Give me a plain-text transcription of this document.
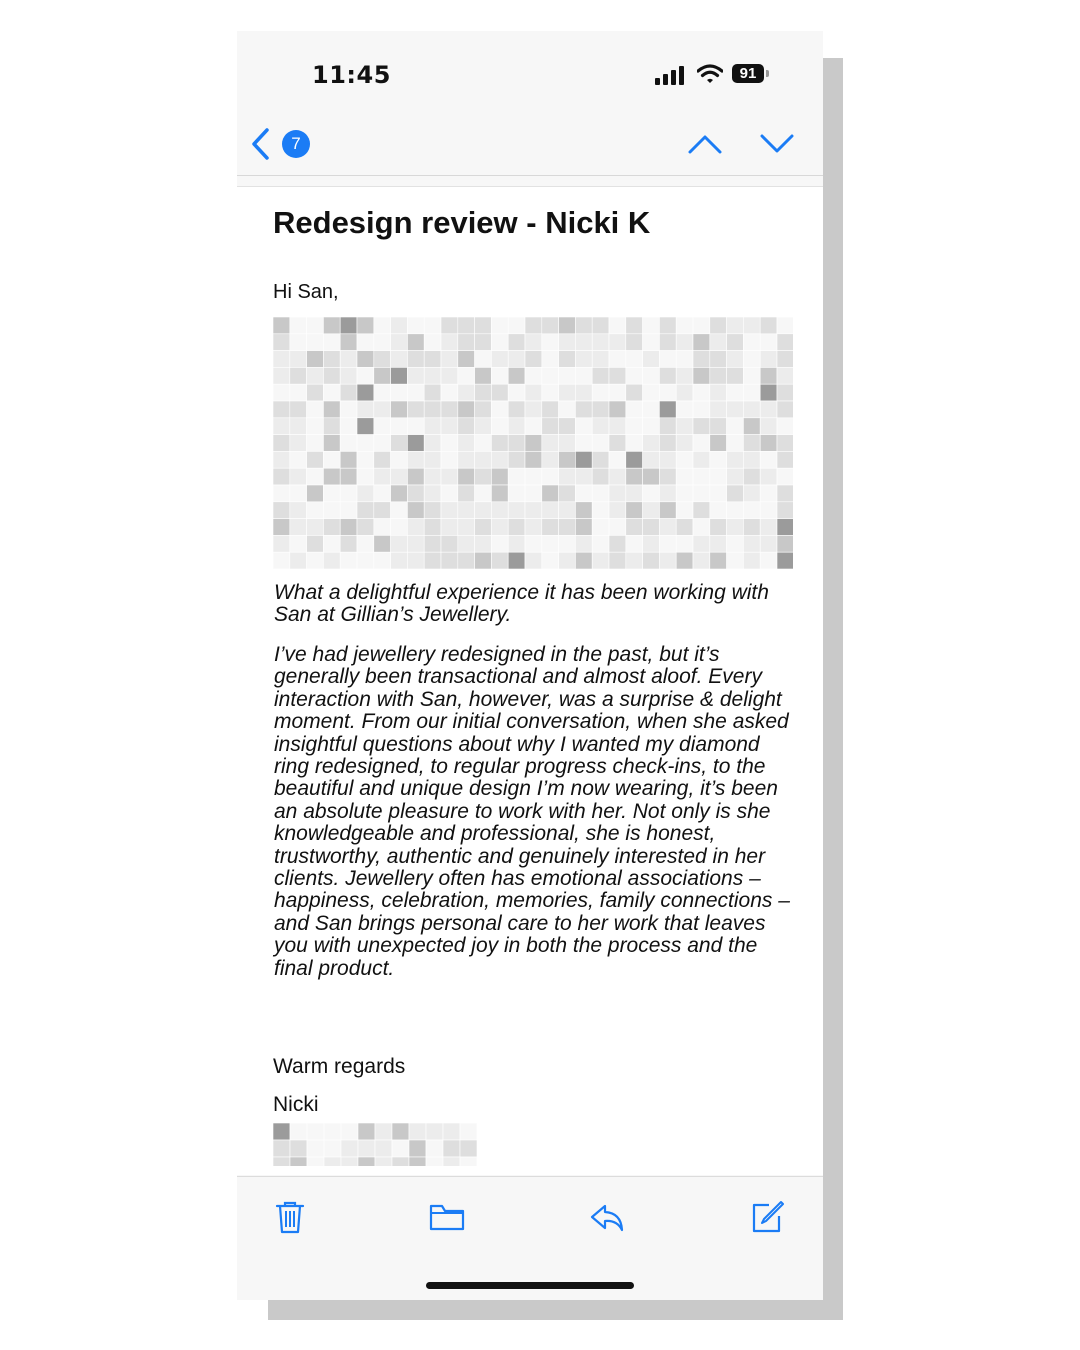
11:45	91
7
Redesign review - Nicki K
Hi San,
What a delightful experience it has been working with San at Gillian’s Jewellery.
I’ve had jewellery redesigned in the past, but it’s generally been transactional and almost aloof. Every interaction with San, however, was a surprise & delight moment. From our initial conversation, when she asked insightful questions about why I wanted my diamond ring redesigned, to regular progress check-ins, to the beautiful and unique design I’m now wearing, it’s been an absolute pleasure to work with her. Not only is she knowledgeable and professional, she is honest, trustworthy, authentic and genuinely interested in her clients. Jewellery often has emotional associations – happiness, celebration, memories, family connections – and San brings personal care to her work that leaves you with unexpected joy in both the process and the final product.
Warm regards
Nicki
